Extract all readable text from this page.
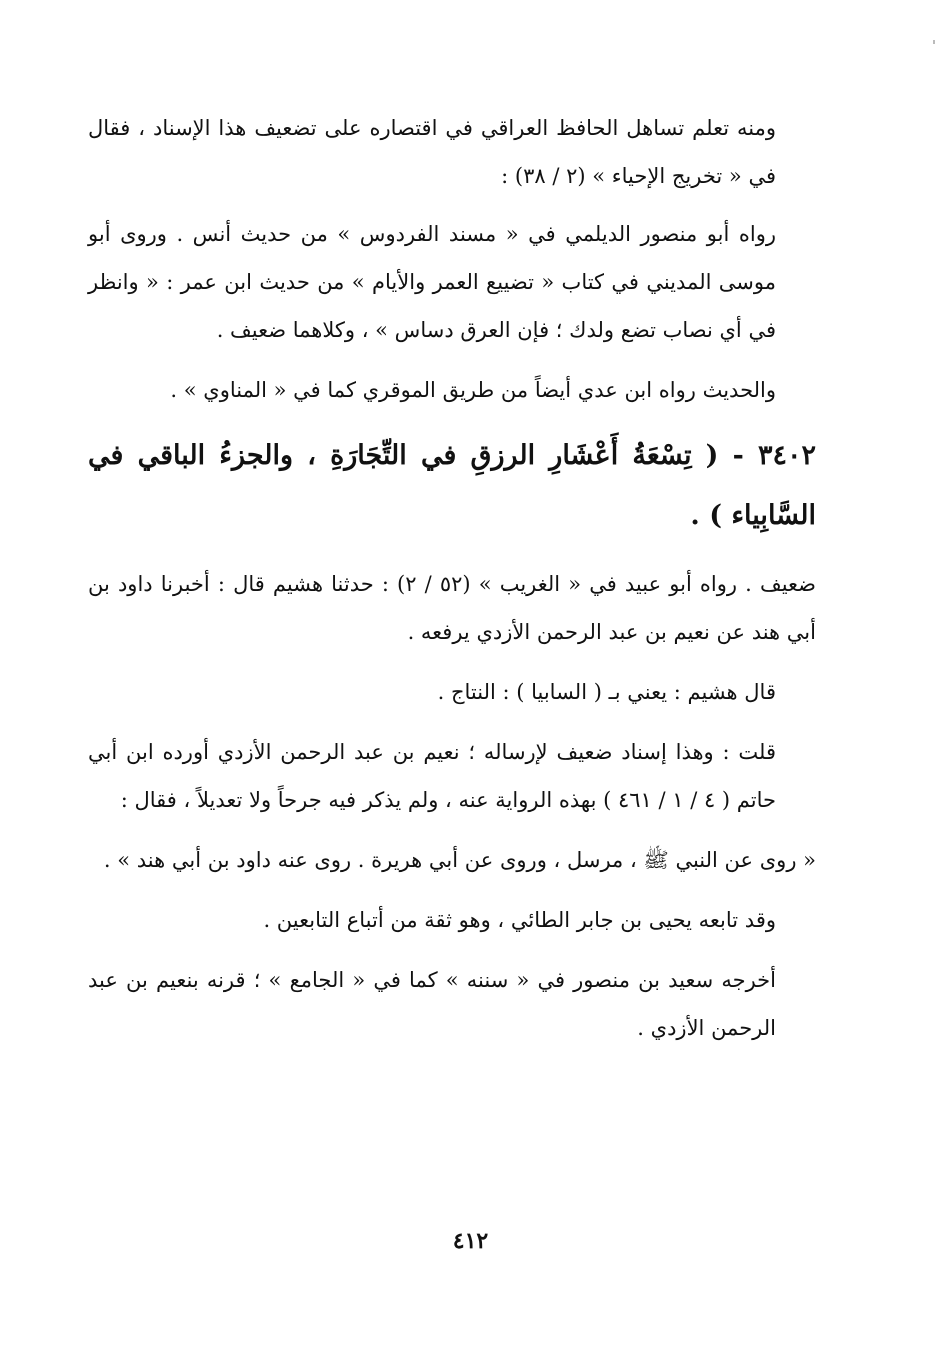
ومنه تعلم تساهل الحافظ العراقي في اقتصاره على تضعيف هذا الإسناد ، فقال في « تخريج الإحياء » (٢ / ٣٨) :

رواه أبو منصور الديلمي في « مسند الفردوس » من حديث أنس . وروى أبو موسى المديني في كتاب « تضييع العمر والأيام » من حديث ابن عمر : « وانظر في أي نصاب تضع ولدك ؛ فإن العرق دساس » ، وكلاهما ضعيف .

والحديث رواه ابن عدي أيضاً من طريق الموقري كما في « المناوي » .

٣٤٠٢ - ( تِسْعَةُ أَعْشَارِ الرزقِ في التِّجَارَةِ ، والجزءُ الباقي في السَّابِياء ) .

ضعيف . رواه أبو عبيد في « الغريب » (٥٢ / ٢) : حدثنا هشيم قال : أخبرنا داود بن أبي هند عن نعيم بن عبد الرحمن الأزدي يرفعه .

قال هشيم : يعني بـ ( السابيا ) : النتاج .

قلت : وهذا إسناد ضعيف لإرساله ؛ نعيم بن عبد الرحمن الأزدي أورده ابن أبي حاتم ( ٤ / ١ / ٤٦١ ) بهذه الرواية عنه ، ولم يذكر فيه جرحاً ولا تعديلاً ، فقال :

« روى عن النبي ﷺ ، مرسل ، وروى عن أبي هريرة . روى عنه داود بن أبي هند » .

وقد تابعه يحيى بن جابر الطائي ، وهو ثقة من أتباع التابعين .

أخرجه سعيد بن منصور في « سننه » كما في « الجامع » ؛ قرنه بنعيم بن عبد الرحمن الأزدي .

٤١٢
